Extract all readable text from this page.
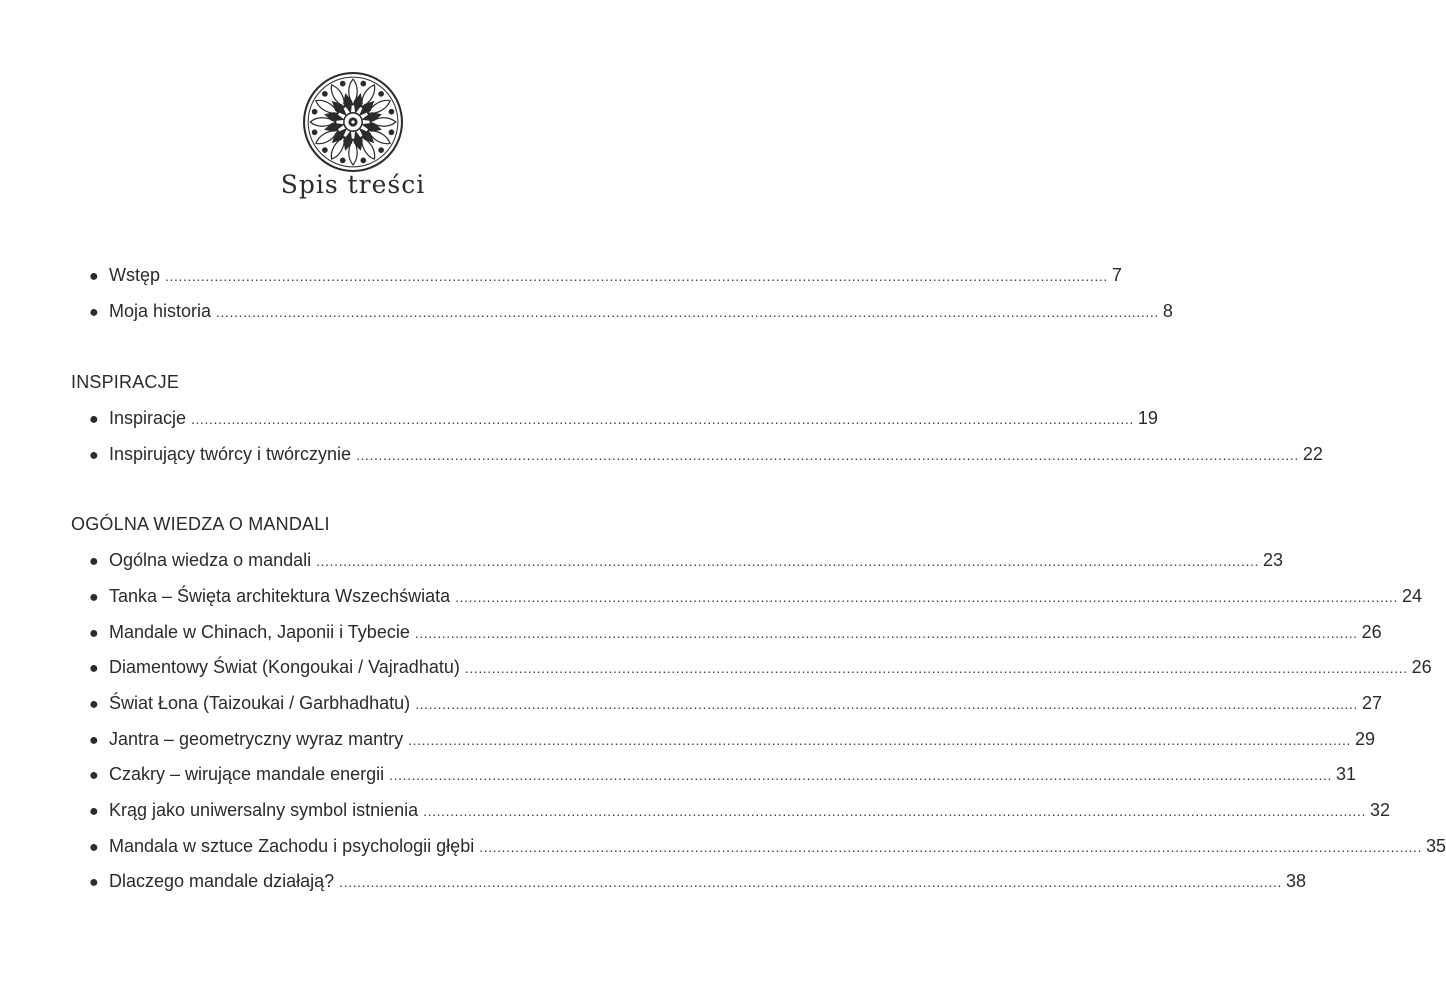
Spis treści
● Wstęp .................................................................................................................................................................................................................. 7
● Moja historia .................................................................................................................................................................................................................. 8
INSPIRACJE
● Inspiracje .................................................................................................................................................................................................................. 19
● Inspirujący twórcy i twórczynie .................................................................................................................................................................................................................. 22
OGÓLNA WIEDZA O MANDALI
● Ogólna wiedza o mandali .................................................................................................................................................................................................................. 23
● Tanka – Święta architektura Wszechświata .................................................................................................................................................................................................................. 24
● Mandale w Chinach, Japonii i Tybecie .................................................................................................................................................................................................................. 26
● Diamentowy Świat (Kongoukai / Vajradhatu) .................................................................................................................................................................................................................. 26
● Świat Łona (Taizoukai / Garbhadhatu) .................................................................................................................................................................................................................. 27
● Jantra – geometryczny wyraz mantry .................................................................................................................................................................................................................. 29
● Czakry – wirujące mandale energii .................................................................................................................................................................................................................. 31
● Krąg jako uniwersalny symbol istnienia .................................................................................................................................................................................................................. 32
● Mandala w sztuce Zachodu i psychologii głębi .................................................................................................................................................................................................................. 35
● Dlaczego mandale działają? .................................................................................................................................................................................................................. 38
